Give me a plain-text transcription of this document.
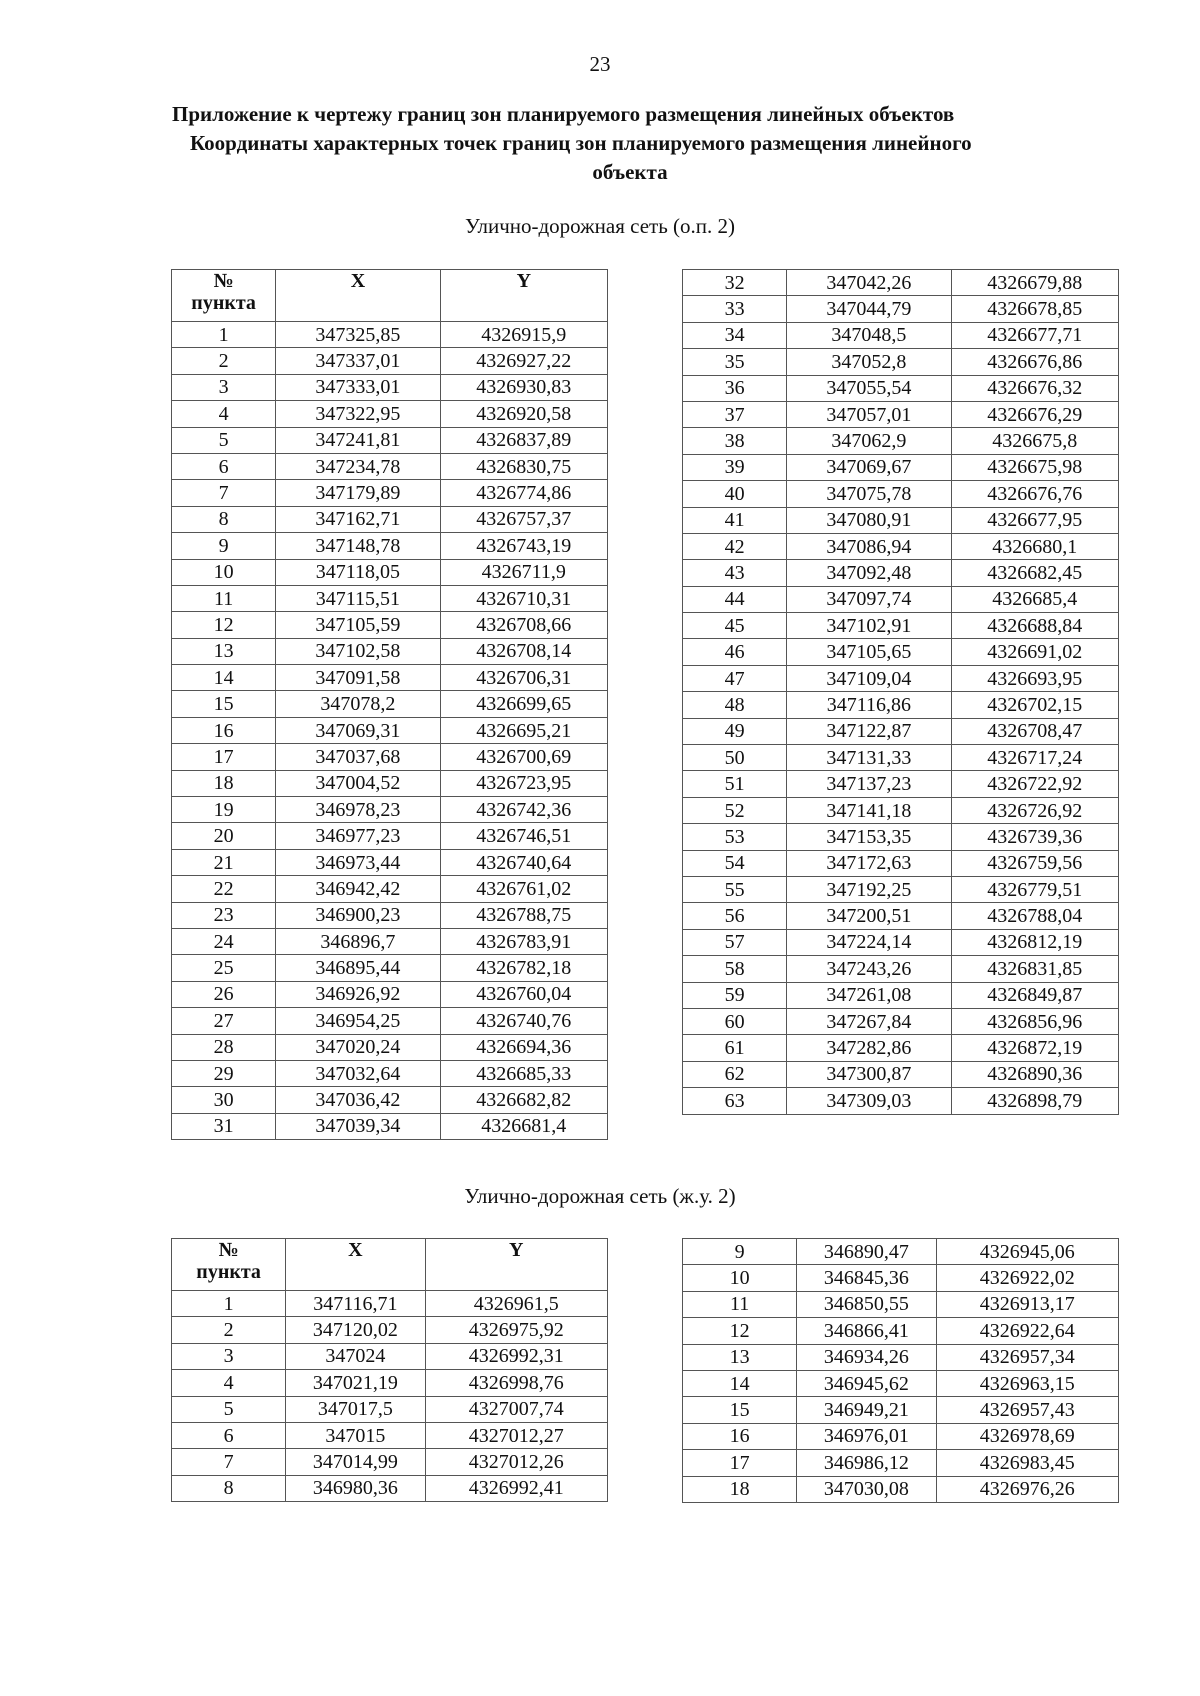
23
Приложение к чертежу границ зон планируемого размещения линейных объектов
Координаты характерных точек границ зон планируемого размещения линейного
объекта
Улично-дорожная сеть (о.п. 2)
№
пункта	X	Y
1	347325,85	4326915,9
2	347337,01	4326927,22
3	347333,01	4326930,83
4	347322,95	4326920,58
5	347241,81	4326837,89
6	347234,78	4326830,75
7	347179,89	4326774,86
8	347162,71	4326757,37
9	347148,78	4326743,19
10	347118,05	4326711,9
11	347115,51	4326710,31
12	347105,59	4326708,66
13	347102,58	4326708,14
14	347091,58	4326706,31
15	347078,2	4326699,65
16	347069,31	4326695,21
17	347037,68	4326700,69
18	347004,52	4326723,95
19	346978,23	4326742,36
20	346977,23	4326746,51
21	346973,44	4326740,64
22	346942,42	4326761,02
23	346900,23	4326788,75
24	346896,7	4326783,91
25	346895,44	4326782,18
26	346926,92	4326760,04
27	346954,25	4326740,76
28	347020,24	4326694,36
29	347032,64	4326685,33
30	347036,42	4326682,82
31	347039,34	4326681,4
32	347042,26	4326679,88
33	347044,79	4326678,85
34	347048,5	4326677,71
35	347052,8	4326676,86
36	347055,54	4326676,32
37	347057,01	4326676,29
38	347062,9	4326675,8
39	347069,67	4326675,98
40	347075,78	4326676,76
41	347080,91	4326677,95
42	347086,94	4326680,1
43	347092,48	4326682,45
44	347097,74	4326685,4
45	347102,91	4326688,84
46	347105,65	4326691,02
47	347109,04	4326693,95
48	347116,86	4326702,15
49	347122,87	4326708,47
50	347131,33	4326717,24
51	347137,23	4326722,92
52	347141,18	4326726,92
53	347153,35	4326739,36
54	347172,63	4326759,56
55	347192,25	4326779,51
56	347200,51	4326788,04
57	347224,14	4326812,19
58	347243,26	4326831,85
59	347261,08	4326849,87
60	347267,84	4326856,96
61	347282,86	4326872,19
62	347300,87	4326890,36
63	347309,03	4326898,79
Улично-дорожная сеть (ж.у. 2)
№
пункта	X	Y
1	347116,71	4326961,5
2	347120,02	4326975,92
3	347024	4326992,31
4	347021,19	4326998,76
5	347017,5	4327007,74
6	347015	4327012,27
7	347014,99	4327012,26
8	346980,36	4326992,41
9	346890,47	4326945,06
10	346845,36	4326922,02
11	346850,55	4326913,17
12	346866,41	4326922,64
13	346934,26	4326957,34
14	346945,62	4326963,15
15	346949,21	4326957,43
16	346976,01	4326978,69
17	346986,12	4326983,45
18	347030,08	4326976,26
